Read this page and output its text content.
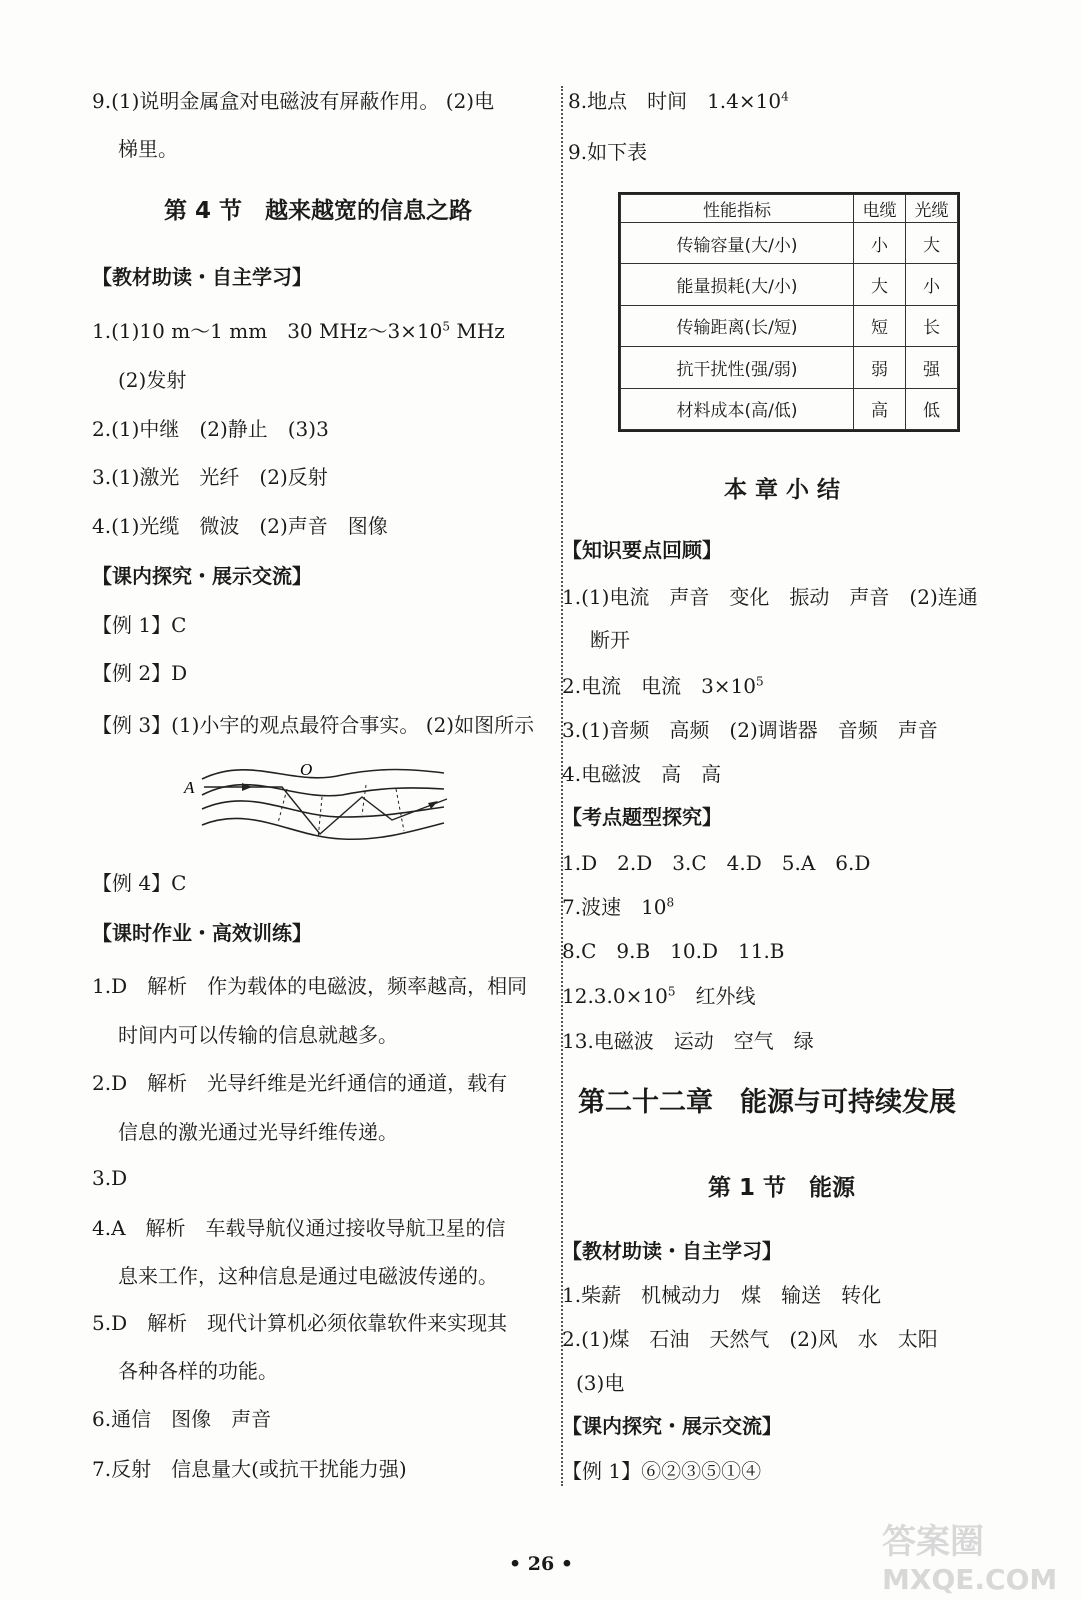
9.(1)说明金属盒对电磁波有屏蔽作用。 (2)电
梯里。
第 4 节　越来越宽的信息之路
【教材助读・自主学习】
1.(1)10 m～1 mm　30 $MHz\sim 3\times 10^5$ MHz
(2)发射
2.(1)中继　(2)静止　(3)3
3.(1)激光　光纤　(2)反射
4.(1)光缆　微波　(2)声音　图像
【课内探究・展示交流】
【例 1】C
【例 2】D
【例 3】(1)小宇的观点最符合事实。 (2)如图所示
A
O
【例 4】C
【课时作业・高效训练】
1.D　解析　作为载体的电磁波，频率越高，相同
时间内可以传输的信息就越多。
2.D　解析　光导纤维是光纤通信的通道，载有
信息的激光通过光导纤维传递。
3.D
4.A　解析　车载导航仪通过接收导航卫星的信
息来工作，这种信息是通过电磁波传递的。
5.D　解析　现代计算机必须依靠软件来实现其
各种各样的功能。
6.通信　图像　声音
7.反射　信息量大(或抗干扰能力强)
8.地点　时间　$1.4\times 10^4$
9.如下表
性能指标	电缆	光缆
传输容量(大/小)	小	大
能量损耗(大/小)	大	小
传输距离(长/短)	短	长
抗干扰性(强/弱)	弱	强
材料成本(高/低)	高	低
本 章 小 结
【知识要点回顾】
1.(1)电流　声音　变化　振动　声音　(2)连通
断开
2.电流　电流　$3\times 10^5$
3.(1)音频　高频　(2)调谐器　音频　声音
4.电磁波　高　高
【考点题型探究】
1.D　2.D　3.C　4.D　5.A　6.D
7.波速　$10^8$
8.C　9.B　10.D　11.B
$12.3.0\times 10^5$　红外线
13.电磁波　运动　空气　绿
第二十二章　能源与可持续发展
第 1 节　能源
【教材助读・自主学习】
1.柴薪　机械动力　煤　输送　转化
2.(1)煤　石油　天然气　(2)风　水　太阳
(3)电
【课内探究・展示交流】
【例 1】⑥②③⑤①④
• 26 •
答案圈
MXQE.COM
